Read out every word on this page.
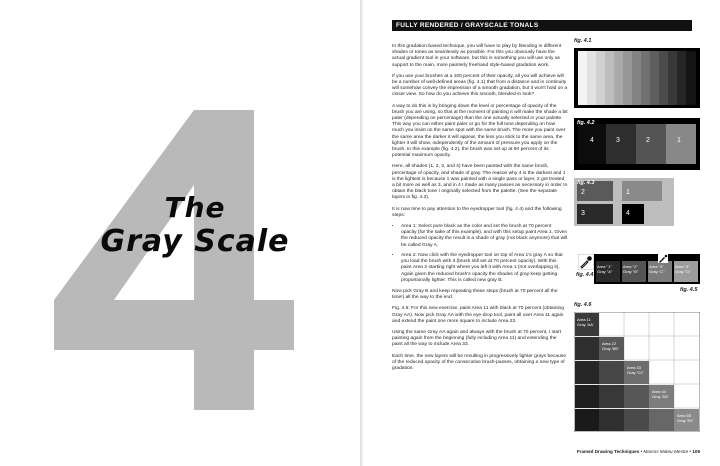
The
Gray Scale
FULLY RENDERED / GRAYSCALE TONALS

In this gradation-based technique, you will have to play by blending in different shades or tones as seamlessly as possible. For this you obviously have the actual gradient tool in your software, but this is something you will use only as support to the main, more painterly freehand style-based gradation work.

If you use your brushes at a 100 percent of their opacity, all you will achieve will be a number of well-defined areas (fig. 4.1) that from a distance and in continuity will somehow convey the impression of a smooth gradation, but it won't hold on a closer view. So how do you achieve this smooth, blended-in look?

A way to do this is by bringing down the level or percentage of opacity of the brush you are using, so that at the moment of painting it will make the shade a bit paler (depending on percentage) than the one actually selected in your palette. This way you can either paint paler or go for the full tone depending on how much you insist on the same spot with the same brush. The more you paint over the same area the darker it will appear, the less you stick to the same area, the lighter it will show, independently of the amount of pressure you apply on the brush. In this example (fig. 4.2), the brush was set up at 60 percent of its potential maximum opacity.

Here, all shades (1, 2, 3, and 4) have been painted with the same brush, percentage of opacity, and shade of gray. The reason why 4 is the darkest and 1 is the lightest is because 1 was painted with a single pass or layer, 2 got treated a bit more as well as 3, and in 4 I made as many passes as necessary in order to obtain the black tone I originally selected from the palette. (See the separate layers in fig. 4.3).

It is now time to pay attention to the eyedropper tool (fig. 4.4) and the following steps:

• Area 1: Select pure black as the color and set the brush at 70 percent opacity (for the sake of this example), and with this setup paint Area 1. Given the reduced opacity the result is a shade of gray (not black anymore) that will be called Gray A.
• Area 2: Now click with the eyedropper tool on top of Area 1's gray A so that you load the brush with it (brush still set at 70 percent opacity). With this paint Area 2 starting right where you left it with Area 1 (not overlapping it). Again given the reduced brush's opacity the shades of gray keep getting proportionally lighter. This is called new gray B.

Now pick Gray B and keep repeating these steps (brush at 70 percent all the time!) all the way to the end.

Fig. 4.6: For this new exercise, paint Area 11 with black at 70 percent (obtaining Gray AA). Now pick Gray AA with the eye-drop tool, paint all over Area 11 again and extend the paint one more square to include Area 22.

Using the same Gray AA again and always with the brush at 70 percent, I start painting again from the beginning (fully including Area 11) and extending the paint all the way to include Area 33.

Each time, the new layers will be resulting in progressively lighter grays because of the reduced opacity of the consecutive brush-passes, obtaining a new type of gradation.

fig. 4.1
fig. 4.2
4	3	2	1
fig. 4.3
2	1
3	4
fig. 4.4
Area "1" Gray "A"
Area "2" Gray "B"
Area "3" Gray "C"
Area "4" Gray "D"
fig. 4.5
fig. 4.6
Area 11 Gray 'AA'
Area 22 Gray 'BB'
Area 33 Gray 'CC'
Area 44 Gray 'DD'
Area 55 Gray 'EE'
Framed Drawing Techniques • Marcos Mateu-Mestre • 109
